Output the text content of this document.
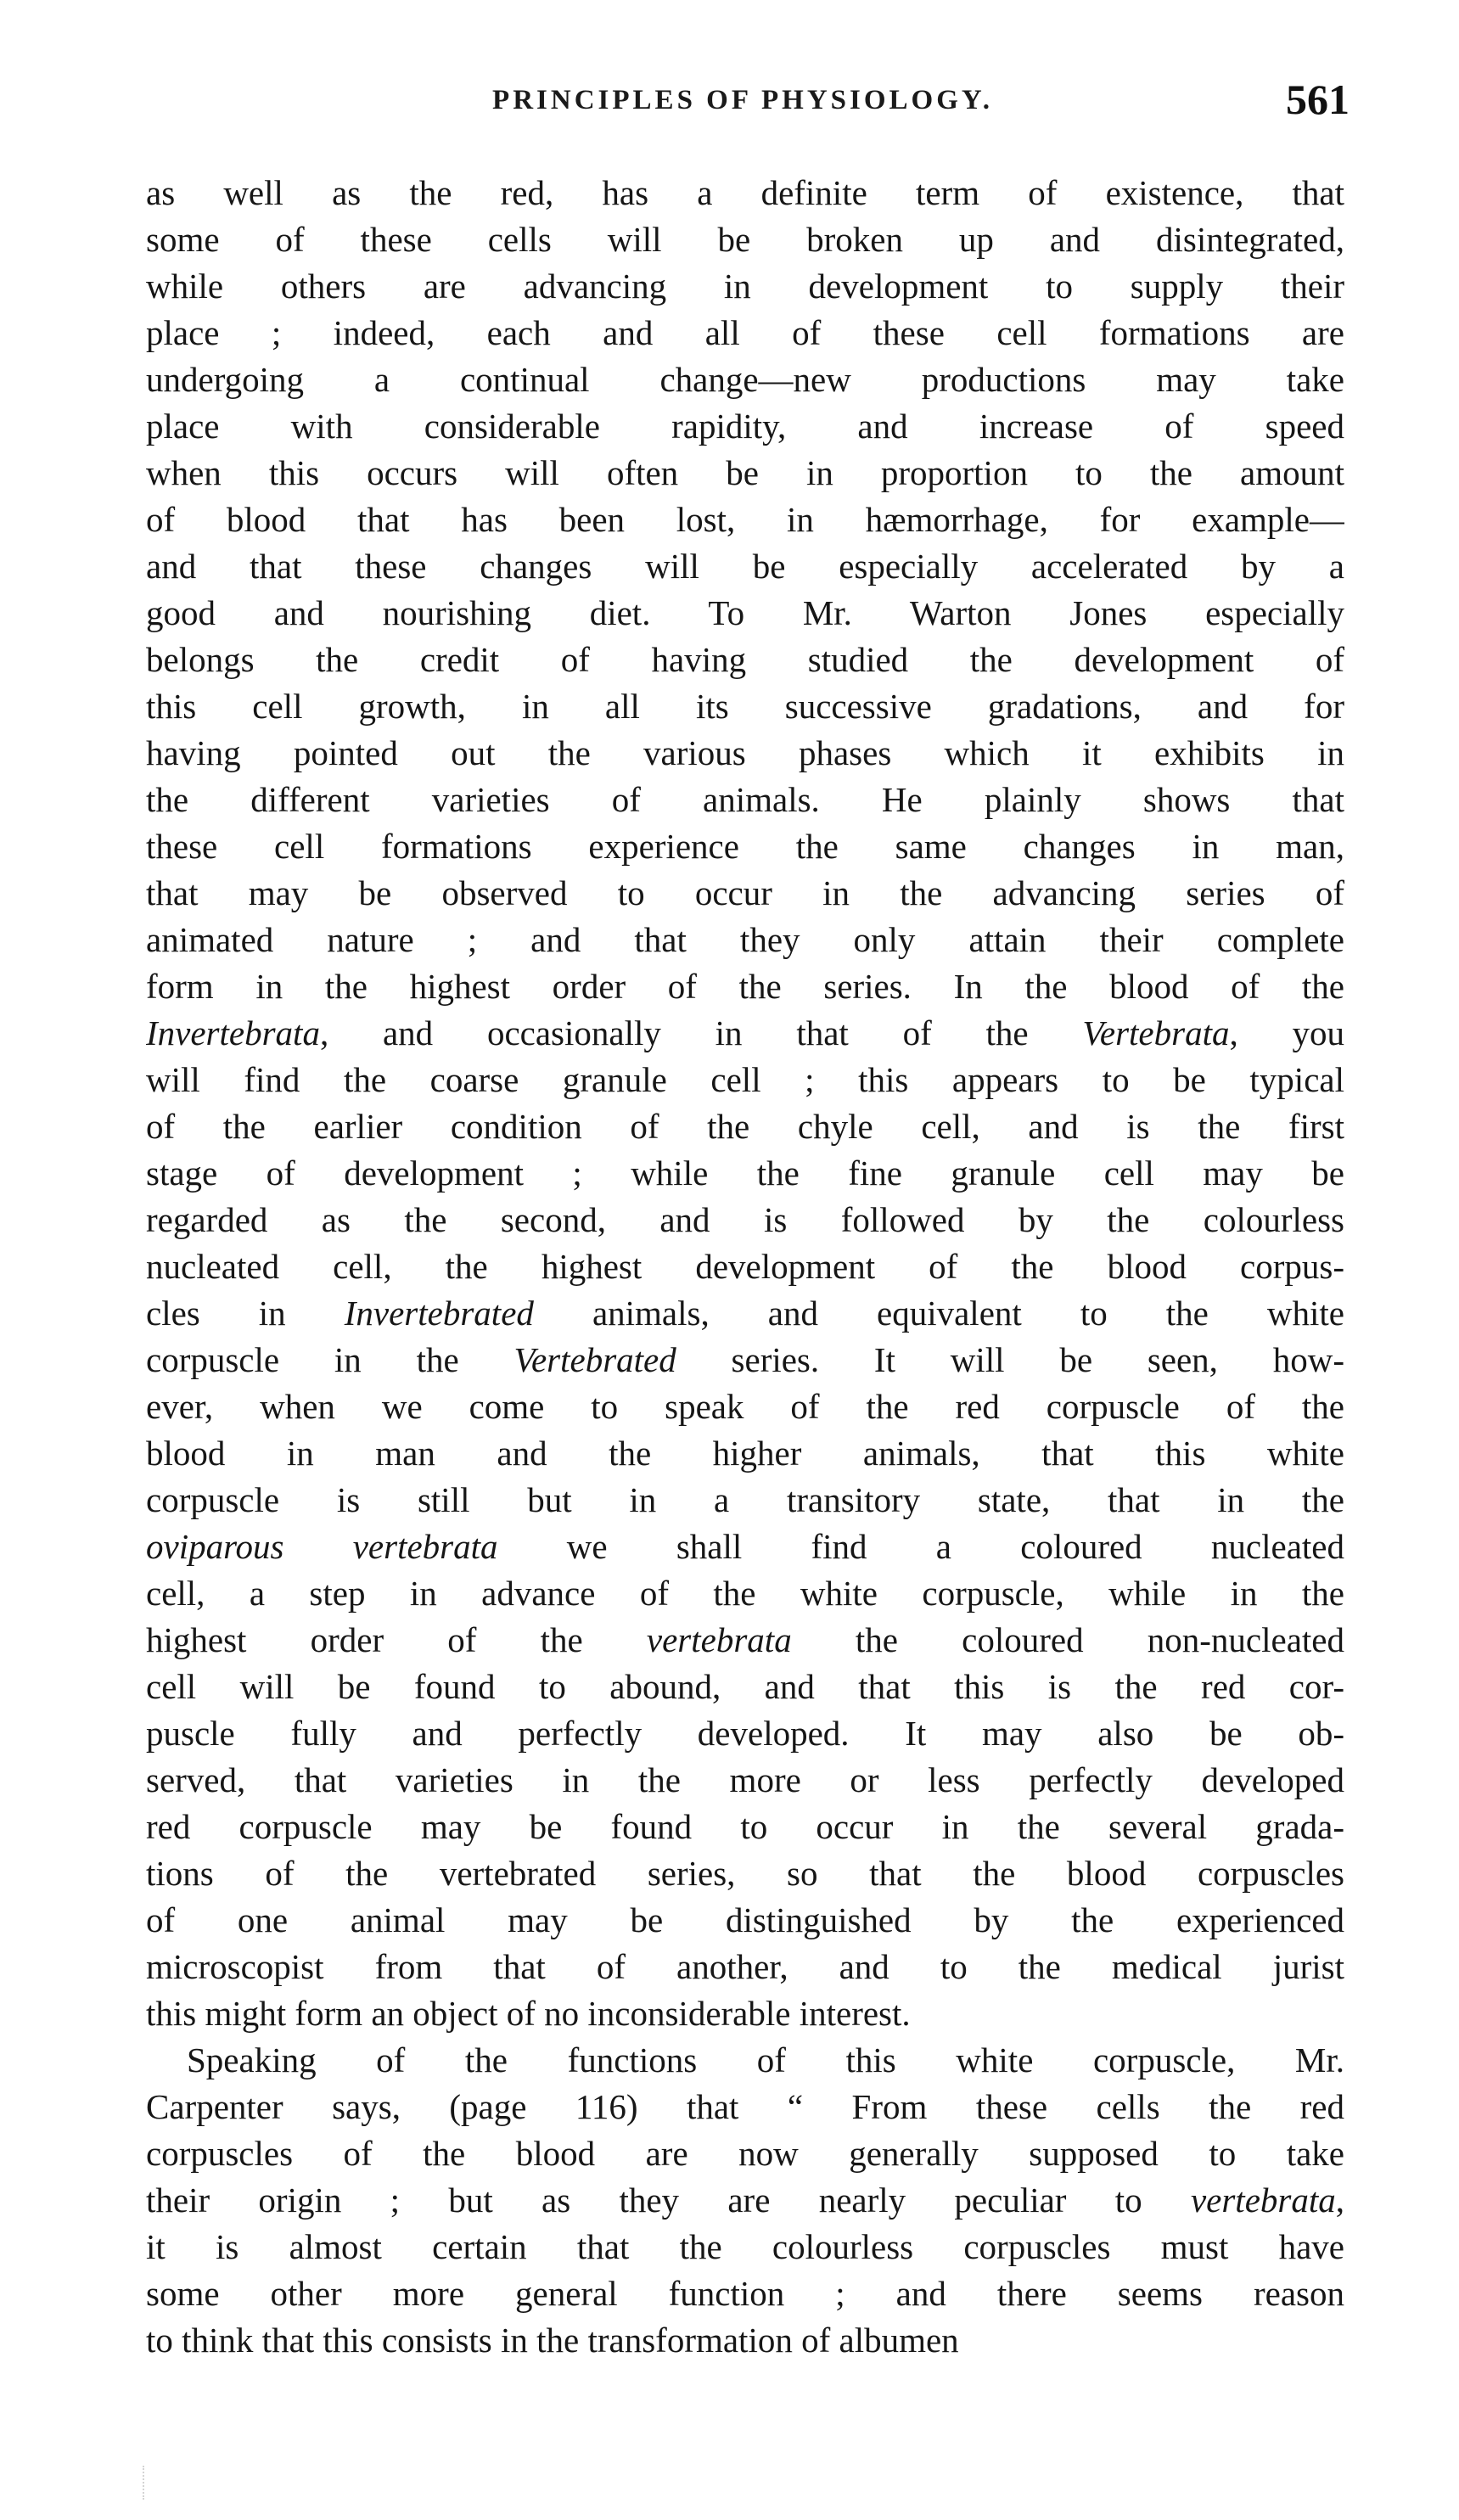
PRINCIPLES OF PHYSIOLOGY.	561
as well as the red, has a definite term of existence, that
some of these cells will be broken up and disintegrated,
while others are advancing in development to supply their
place ; indeed, each and all of these cell formations are
undergoing a continual change—new productions may take
place with considerable rapidity, and increase of speed
when this occurs will often be in proportion to the amount
of blood that has been lost, in hæmorrhage, for example—
and that these changes will be especially accelerated by a
good and nourishing diet. To Mr. Warton Jones especially
belongs the credit of having studied the development of
this cell growth, in all its successive gradations, and for
having pointed out the various phases which it exhibits in
the different varieties of animals. He plainly shows that
these cell formations experience the same changes in man,
that may be observed to occur in the advancing series of
animated nature ; and that they only attain their complete
form in the highest order of the series. In the blood of the
Invertebrata, and occasionally in that of the Vertebrata, you
will find the coarse granule cell ; this appears to be typical
of the earlier condition of the chyle cell, and is the first
stage of development ; while the fine granule cell may be
regarded as the second, and is followed by the colourless
nucleated cell, the highest development of the blood corpus-
cles in Invertebrated animals, and equivalent to the white
corpuscle in the Vertebrated series. It will be seen, how-
ever, when we come to speak of the red corpuscle of the
blood in man and the higher animals, that this white
corpuscle is still but in a transitory state, that in the
oviparous vertebrata we shall find a coloured nucleated
cell, a step in advance of the white corpuscle, while in the
highest order of the vertebrata the coloured non-nucleated
cell will be found to abound, and that this is the red cor-
puscle fully and perfectly developed. It may also be ob-
served, that varieties in the more or less perfectly developed
red corpuscle may be found to occur in the several grada-
tions of the vertebrated series, so that the blood corpuscles
of one animal may be distinguished by the experienced
microscopist from that of another, and to the medical jurist
this might form an object of no inconsiderable interest.
Speaking of the functions of this white corpuscle, Mr.
Carpenter says, (page 116) that “ From these cells the red
corpuscles of the blood are now generally supposed to take
their origin ; but as they are nearly peculiar to vertebrata,
it is almost certain that the colourless corpuscles must have
some other more general function ; and there seems reason
to think that this consists in the transformation of albumen
